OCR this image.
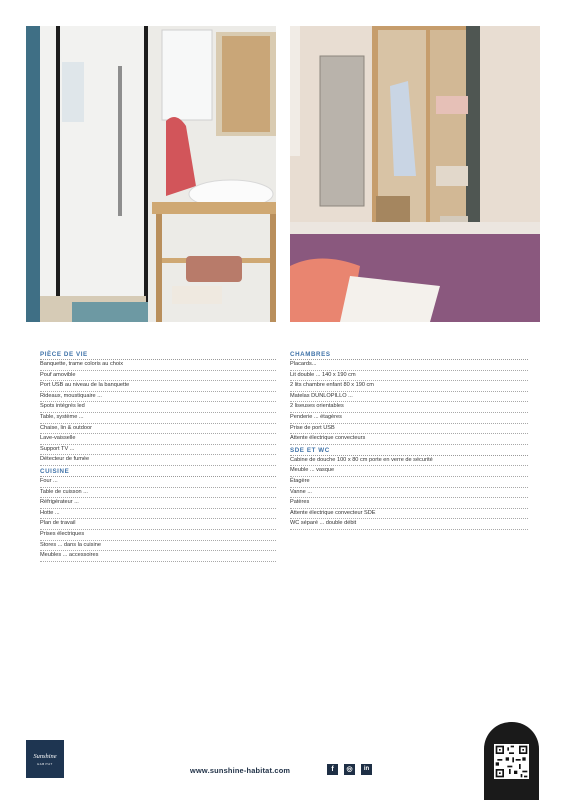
PIÈCE DE VIE
Banquette, trame coloris au choix
Pouf amovible
Port USB au niveau de la banquette
Rideaux, moustiquaire ...
Spots intégrés led
Table, système ...
Chaise, lin & outdoor
Lave-vaisselle
Support TV ...
Détecteur de fumée
CUISINE
Four ...
Table de cuisson ...
Réfrigérateur ...
Hotte ...
Plan de travail
Prises électriques
Stores ... dans la cuisine
Meubles ... accessoires
CHAMBRES
Placards...
Lit double ... 140 x 190 cm
2 lits chambre enfant 80 x 190 cm
Matelas DUNLOPILLO ...
2 liseuses orientables
Penderie ... étagères
Prise de port USB
Attente électrique convecteurs
SDE ET WC
Cabine de douche 100 x 80 cm porte en verre de sécurité
Meuble ... vasque
Étagère
Vanne ...
Patères
Attente électrique convecteur SDE
WC séparé ... double débit
Sunshine
HABITAT
www.sunshine-habitat.com	f	◎	in
